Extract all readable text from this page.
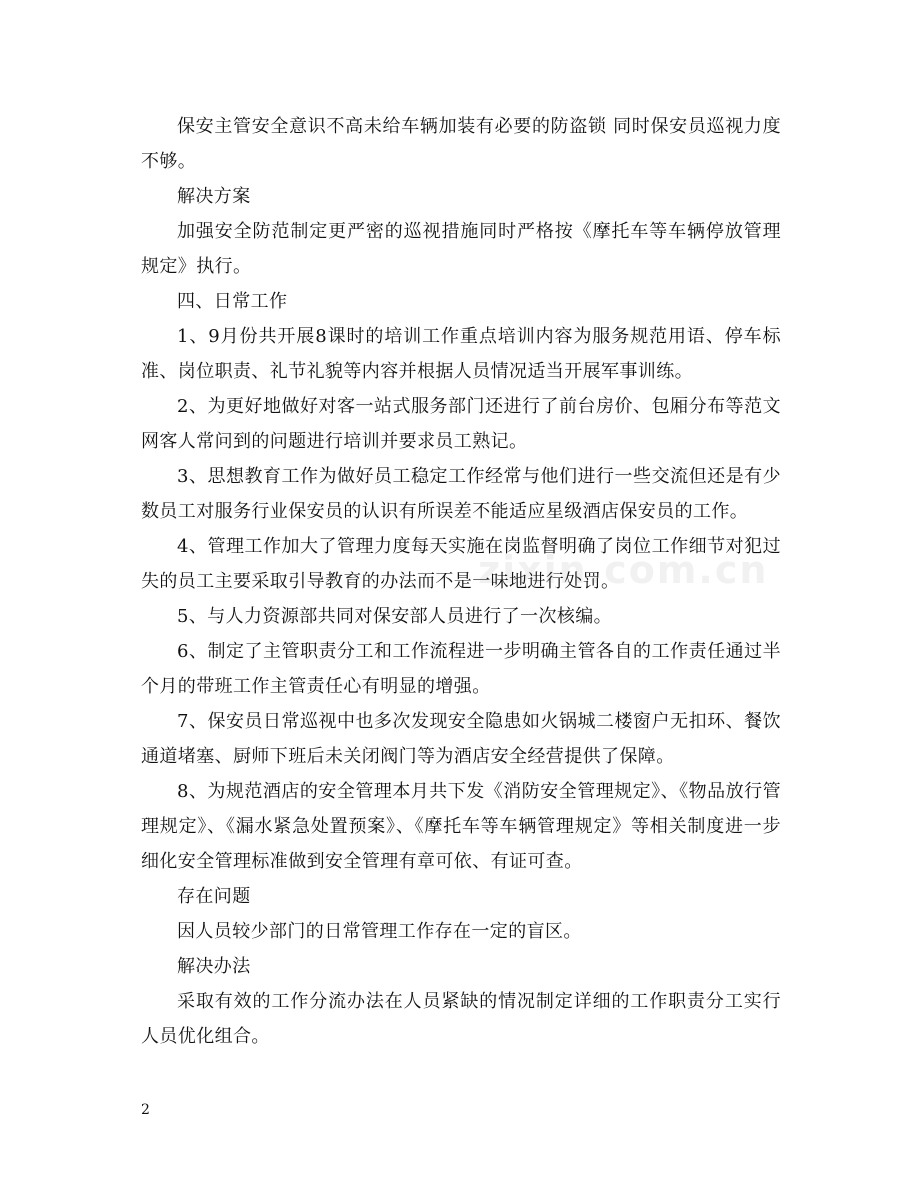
保安主管安全意识不高未给车辆加装有必要的防盗锁 同时保安员巡视力度不够。

解决方案

加强安全防范制定更严密的巡视措施同时严格按《摩托车等车辆停放管理规定》执行。

四、日常工作

1、9月份共开展8课时的培训工作重点培训内容为服务规范用语、停车标准、岗位职责、礼节礼貌等内容并根据人员情况适当开展军事训练。

2、为更好地做好对客一站式服务部门还进行了前台房价、包厢分布等范文网客人常问到的问题进行培训并要求员工熟记。

3、思想教育工作为做好员工稳定工作经常与他们进行一些交流但还是有少数员工对服务行业保安员的认识有所误差不能适应星级酒店保安员的工作。

4、管理工作加大了管理力度每天实施在岗监督明确了岗位工作细节对犯过失的员工主要采取引导教育的办法而不是一味地进行处罚。

5、与人力资源部共同对保安部人员进行了一次核编。

6、制定了主管职责分工和工作流程进一步明确主管各自的工作责任通过半个月的带班工作主管责任心有明显的增强。

7、保安员日常巡视中也多次发现安全隐患如火锅城二楼窗户无扣环、餐饮通道堵塞、厨师下班后未关闭阀门等为酒店安全经营提供了保障。

8、为规范酒店的安全管理本月共下发《消防安全管理规定》、《物品放行管理规定》、《漏水紧急处置预案》、《摩托车等车辆管理规定》等相关制度进一步细化安全管理标准做到安全管理有章可依、有证可查。

存在问题

因人员较少部门的日常管理工作存在一定的盲区。

解决办法

采取有效的工作分流办法在人员紧缺的情况制定详细的工作职责分工实行人员优化组合。

zixin.com.cn
2
